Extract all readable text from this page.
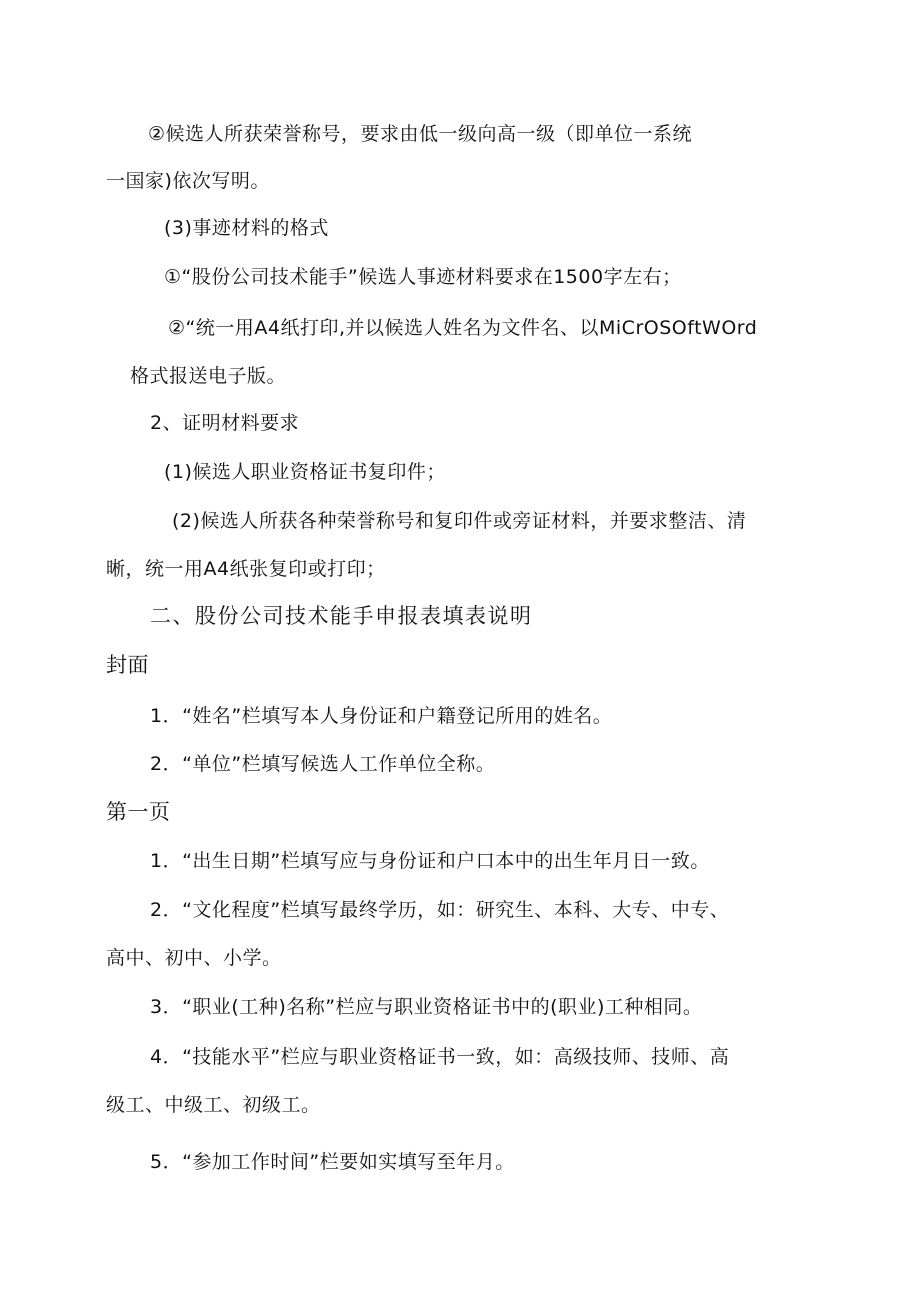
②候选人所获荣誉称号，要求由低一级向高一级（即单位一系统
一国家)依次写明。
(3)事迹材料的格式
①“股份公司技术能手”候选人事迹材料要求在1500字左右；
②“统一用A4纸打印,并以候选人姓名为文件名、以MiCrOSOftWOrd
格式报送电子版。
2、证明材料要求
(1)候选人职业资格证书复印件；
(2)候选人所获各种荣誉称号和复印件或旁证材料，并要求整洁、清
晰，统一用A4纸张复印或打印；
二、股份公司技术能手申报表填表说明
封面
1．“姓名”栏填写本人身份证和户籍登记所用的姓名。
2．“单位”栏填写候选人工作单位全称。
第一页
1．“出生日期”栏填写应与身份证和户口本中的出生年月日一致。
2．“文化程度”栏填写最终学历，如：研究生、本科、大专、中专、
高中、初中、小学。
3．“职业(工种)名称”栏应与职业资格证书中的(职业)工种相同。
4．“技能水平”栏应与职业资格证书一致，如：高级技师、技师、高
级工、中级工、初级工。
5．“参加工作时间”栏要如实填写至年月。
